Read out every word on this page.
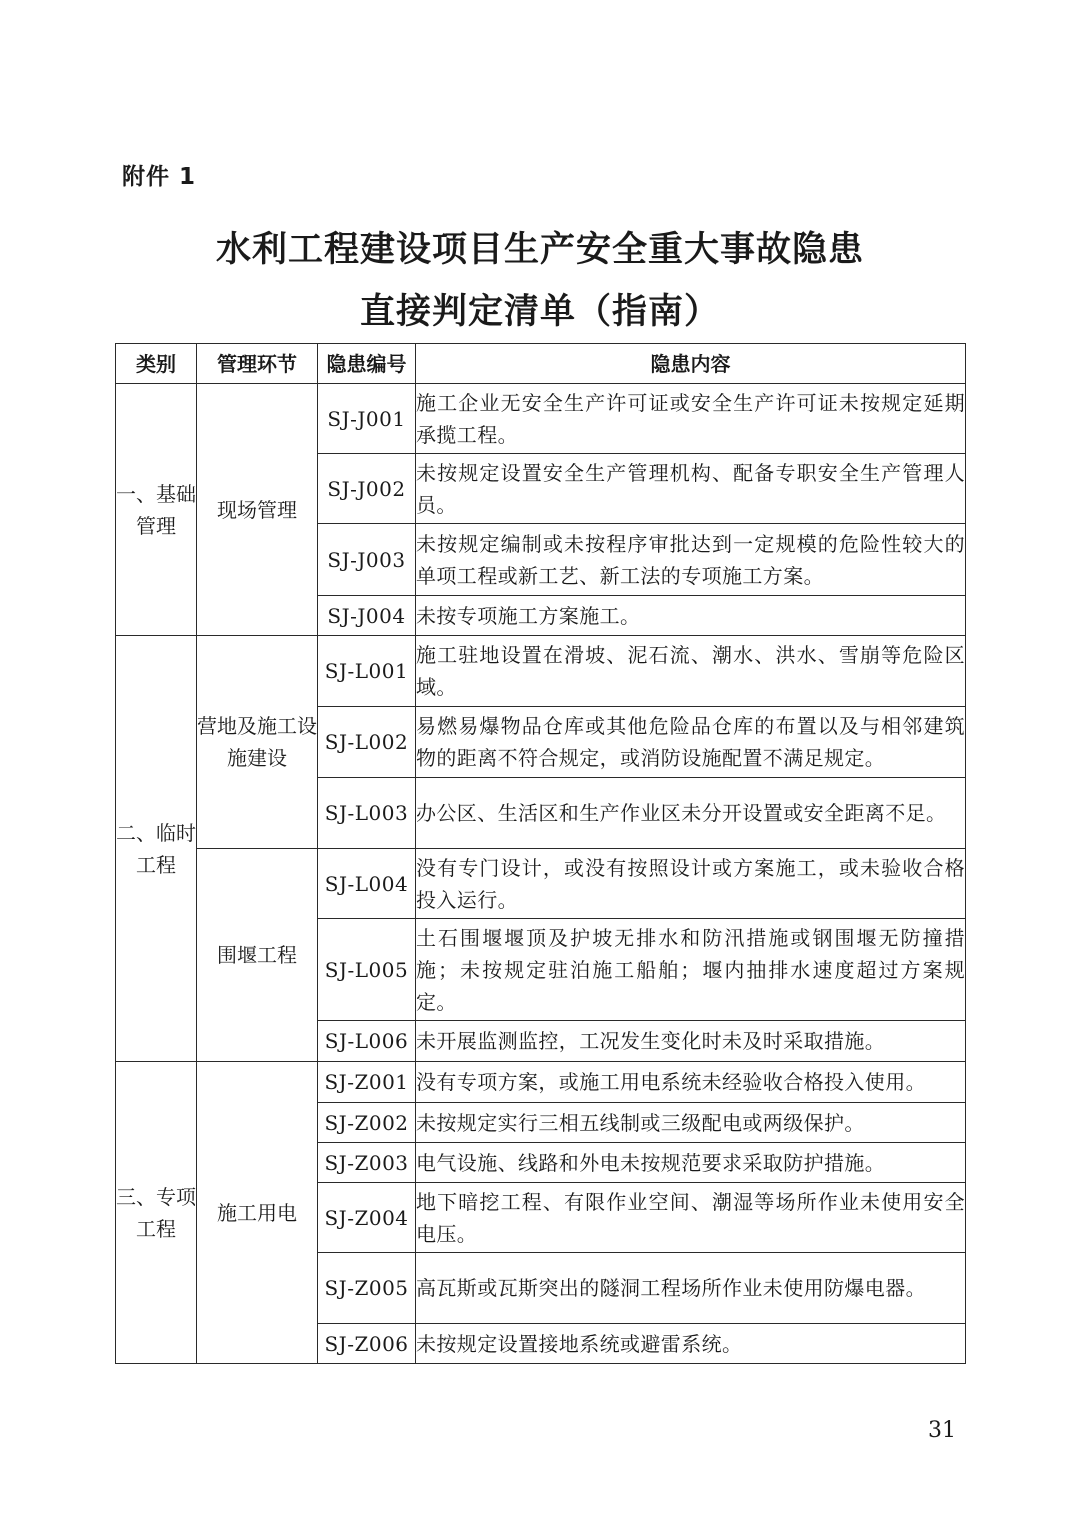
附件 1
水利工程建设项目生产安全重大事故隐患
直接判定清单（指南）
类别	管理环节	隐患编号	隐患内容
一、基础管理	现场管理	SJ-J001	施工企业无安全生产许可证或安全生产许可证未按规定延期承揽工程。
		SJ-J002	未按规定设置安全生产管理机构、配备专职安全生产管理人员。
		SJ-J003	未按规定编制或未按程序审批达到一定规模的危险性较大的单项工程或新工艺、新工法的专项施工方案。
		SJ-J004	未按专项施工方案施工。
二、临时工程	营地及施工设施建设	SJ-L001	施工驻地设置在滑坡、泥石流、潮水、洪水、雪崩等危险区域。
		SJ-L002	易燃易爆物品仓库或其他危险品仓库的布置以及与相邻建筑物的距离不符合规定，或消防设施配置不满足规定。
		SJ-L003	办公区、生活区和生产作业区未分开设置或安全距离不足。
	围堰工程	SJ-L004	没有专门设计，或没有按照设计或方案施工，或未验收合格投入运行。
		SJ-L005	土石围堰堰顶及护坡无排水和防汛措施或钢围堰无防撞措施；未按规定驻泊施工船舶；堰内抽排水速度超过方案规定。
		SJ-L006	未开展监测监控，工况发生变化时未及时采取措施。
三、专项工程	施工用电	SJ-Z001	没有专项方案，或施工用电系统未经验收合格投入使用。
		SJ-Z002	未按规定实行三相五线制或三级配电或两级保护。
		SJ-Z003	电气设施、线路和外电未按规范要求采取防护措施。
		SJ-Z004	地下暗挖工程、有限作业空间、潮湿等场所作业未使用安全电压。
		SJ-Z005	高瓦斯或瓦斯突出的隧洞工程场所作业未使用防爆电器。
		SJ-Z006	未按规定设置接地系统或避雷系统。
31
